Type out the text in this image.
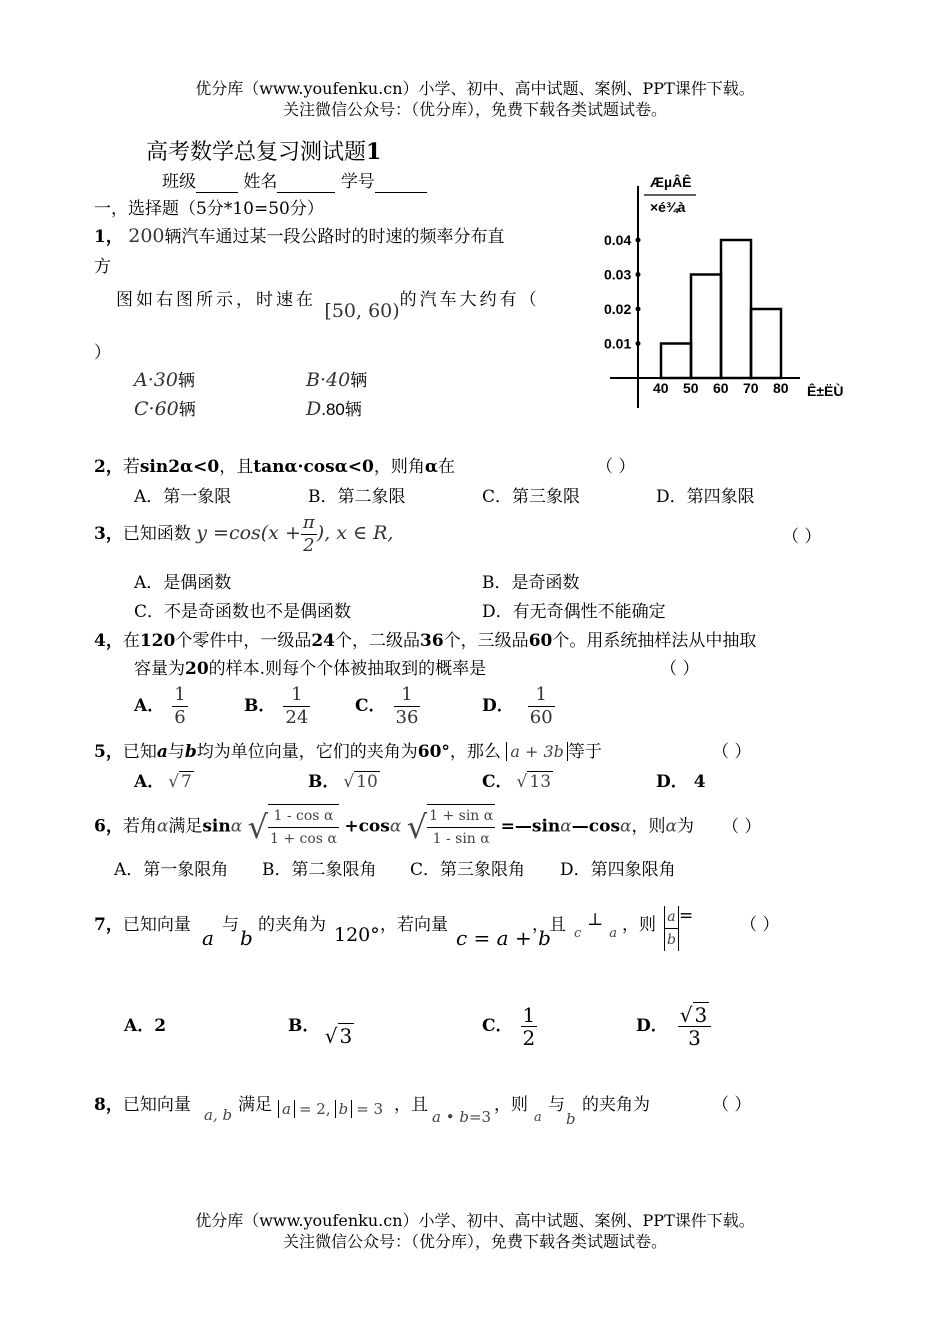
优分库（www.youfenku.cn）小学、初中、高中试题、案例、PPT课件下载。
关注微信公众号：（优分库），免费下载各类试题试卷。
高考数学总复习测试题1
班级	姓名	学号
一，选择题（5分*10=50分）
1， 200辆汽车通过某一段公路时的时速的频率分布直
方
图如右图所示，时速在 [50, 60)的汽车大约有（
）
A·30辆	B·40辆
C·60辆	D.80辆
ÆµÂÊ
×é¾à
0.01
0.02
0.03
0.04
40 50 60 70 80 Ê±ËÙ
2，若sin2α<0，且tanα·cosα<0，则角α在	（ ）
A．第一象限	B．第二象限	C．第三象限	D．第四象限
3，已知函数 $y =\cos(x + \frac{\pi}{2}$ ), x ∈ R,	（ ）
A．是偶函数	B．是奇函数
C．不是奇函数也不是偶函数	D．有无奇偶性不能确定
4，在120个零件中，一级品24个，二级品36个，三级品60个。用系统抽样法从中抽取
容量为20的样本.则每个个体被抽取到的概率是	（ ）
A． $\frac{1}{6}$	B． $\frac{1}{24}$	C． $\frac{1}{36}$	D． $\frac{1}{60}$
5，已知a与b均为单位向量，它们的夹角为60°，那么 a + 3b 等于	（ ）
A． √ 7	B． √ 10	C． √ 13	D． 4
6，若角α满足sinα √ $\frac{\text{1 - cos α}}{\text{1 + cos α}} +\cos\alpha$ √ $\frac{\text{1 + sin α}}{\text{1 - sin α}}$ =—sinα—cosα，则α为 （ ）
A．第一象限角 B．第二象限角 C．第三象限角 D．第四象限角
7，已知向量
a
与
b
的夹角为 120° ，若向量
c = a + b
，且 $_c\perp_a$ ，则 $\frac{a}{b}$ =	（ ）
A．2	B． √ 3	C． $\frac{1}{2}$	D． $\frac{√ 3}{3}$
8，已知向量 a, b 满足 a = 2, b = 3 ，且
a • b=3
，则
a
与
b
的夹角为	（ ）
优分库（www.youfenku.cn）小学、初中、高中试题、案例、PPT课件下载。
关注微信公众号：（优分库），免费下载各类试题试卷。
